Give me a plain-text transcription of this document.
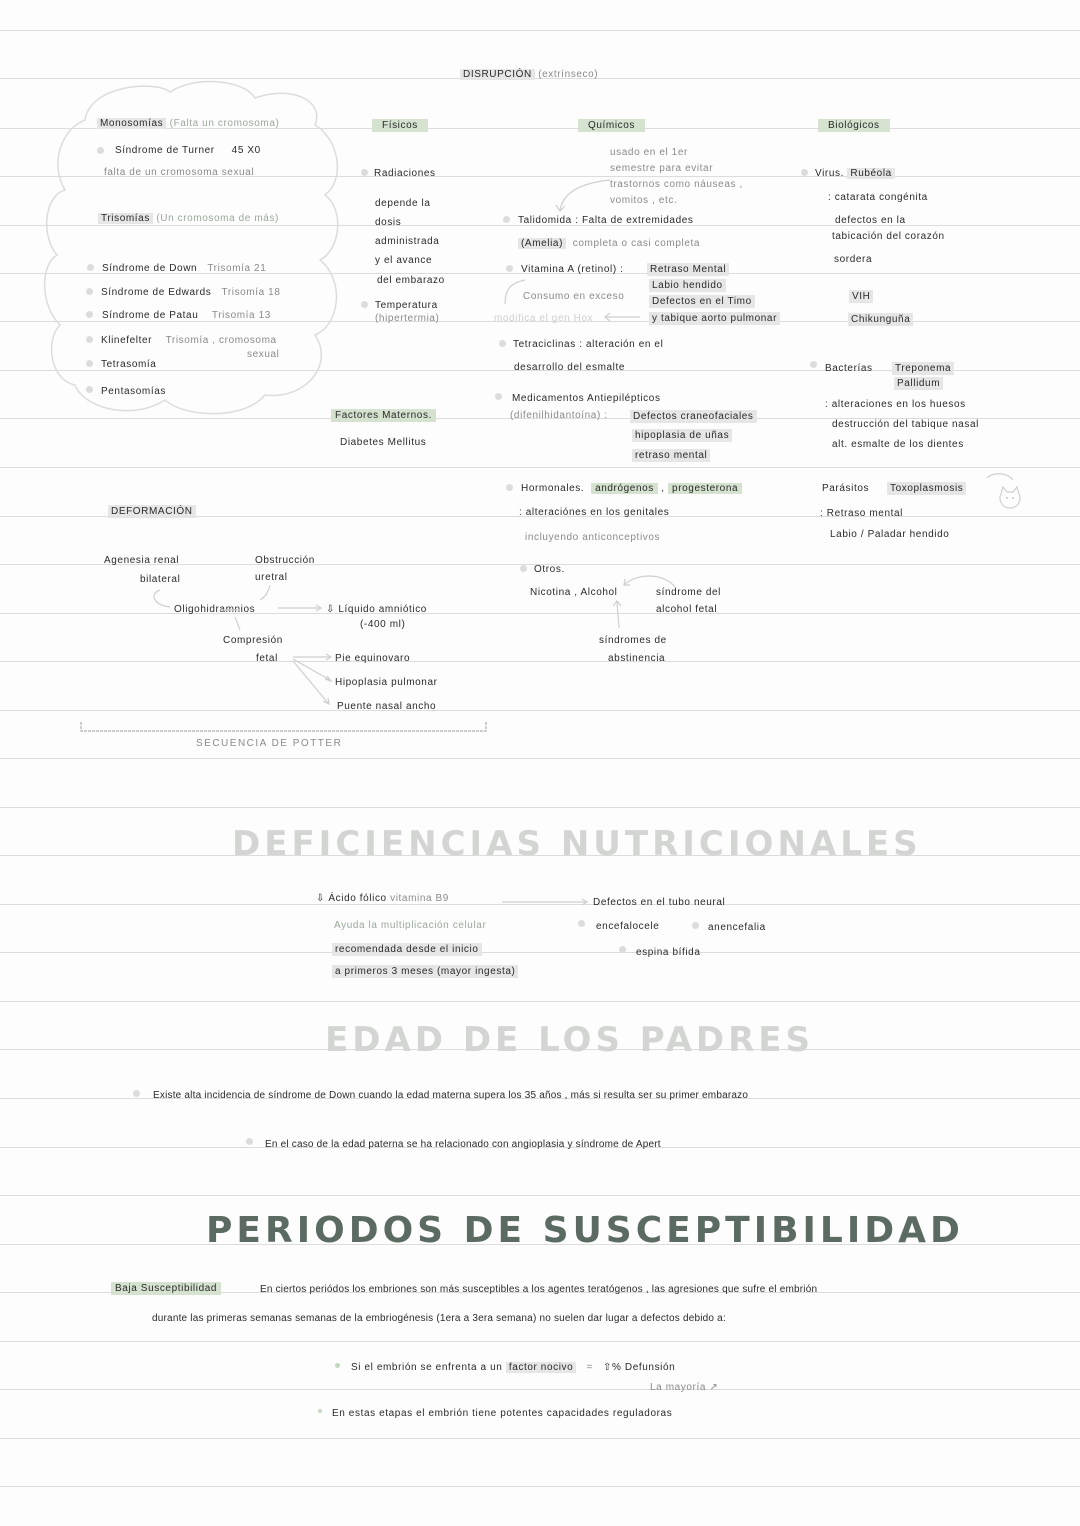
DISRUPCIÓN (extrínseco)
Monosomías (Falta un cromosoma)
Síndrome de Turner 45 X0
falta de un cromosoma sexual
Trisomías (Un cromosoma de más)
Síndrome de Down Trisomía 21
Síndrome de Edwards Trisomía 18
Síndrome de Patau Trisomía 13
Klinefelter Trisomía , cromosoma
sexual
Tetrasomía
Pentasomías
Físicos
Radiaciones
depende la
dosis
administrada
y el avance
del embarazo
Temperatura
(hipertermia)
Factores Maternos.
Diabetes Mellitus
Químicos
usado en el 1er
semestre para evitar
trastornos como náuseas ,
vomitos , etc.
Talidomida : Falta de extremidades
(Amelia) completa o casi completa
Vitamina A (retinol) :	Retraso Mental
Labio hendido
Defectos en el Timo
y tabique aorto pulmonar
Consumo en exceso
modifica el gen Hox
Tetraciclinas : alteración en el
desarrollo del esmalte
Medicamentos Antiepilépticos
(difenilhidantoína) :	Defectos craneofaciales
hipoplasia de uñas
retraso mental
Hormonales. andrógenos , progesterona
: alteraciónes en los genitales
incluyendo anticonceptivos
Otros.
Nicotina , Alcohol	síndrome del
alcohol fetal
síndromes de
abstinencia
Biológicos
Virus. Rubéola
: catarata congénita
defectos en la
tabicación del corazón
sordera
VIH
Chikunguña
Bacterías	Treponema
Pallidum
: alteraciones en los huesos
destrucción del tabique nasal
alt. esmalte de los dientes
Parásitos	Toxoplasmosis
: Retraso mental
Labio / Paladar hendido
DEFORMACIÓN
Agenesia renal
bilateral
Obstrucción
uretral
Oligohidramnios	⇩ Líquido amniótico
(-400 ml)
Compresión
fetal	Pie equinovaro
Hipoplasia pulmonar
Puente nasal ancho
SECUENCIA DE POTTER
DEFICIENCIAS NUTRICIONALES
⇩ Ácido fólico vitamina B9	Defectos en el tubo neural
Ayuda la multiplicación celular
recomendada desde el inicio
a primeros 3 meses (mayor ingesta)
encefalocele	anencefalia
espina bífida
EDAD DE LOS PADRES
Existe alta incidencia de síndrome de Down cuando la edad materna supera los 35 años , más si resulta ser su primer embarazo
En el caso de la edad paterna se ha relacionado con angioplasia y síndrome de Apert
PERIODOS DE SUSCEPTIBILIDAD
Baja Susceptibilidad	En ciertos periódos los embriones son más susceptibles a los agentes teratógenos , las agresiones que sufre el embrión
durante las primeras semanas semanas de la embriogénesis (1era a 3era semana) no suelen dar lugar a defectos debido a:
Si el embrión se enfrenta a un factor nocivo = ⇧% Defunsión
La mayoría ↗
En estas etapas el embrión tiene potentes capacidades reguladoras
